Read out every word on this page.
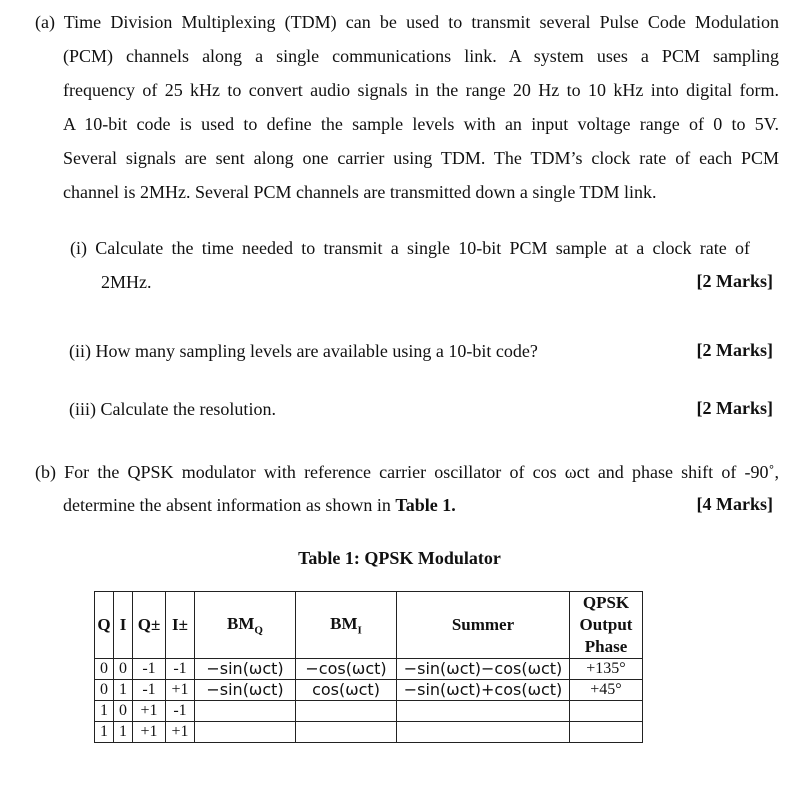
(a) Time Division Multiplexing (TDM) can be used to transmit several Pulse Code Modulation
(PCM) channels along a single communications link. A system uses a PCM sampling
frequency of 25 kHz to convert audio signals in the range 20 Hz to 10 kHz into digital form.
A 10-bit code is used to define the sample levels with an input voltage range of 0 to 5V.
Several signals are sent along one carrier using TDM. The TDM’s clock rate of each PCM
channel is 2MHz. Several PCM channels are transmitted down a single TDM link.
(i) Calculate the time needed to transmit a single 10-bit PCM sample at a clock rate of
2MHz.	[2 Marks]
(ii) How many sampling levels are available using a 10-bit code?	[2 Marks]
(iii) Calculate the resolution.	[2 Marks]
(b) For the QPSK modulator with reference carrier oscillator of cos ωct and phase shift of -90˚,
determine the absent information as shown in Table 1.	[4 Marks]
Table 1: QPSK Modulator
Q	I	Q±	I±	$BM_Q$	$BM_I$	Summer	QPSK
Output
Phase
0	0	-1	-1	−sin(ωct)	−cos(ωct)	−sin(ωct)−cos(ωct)	+135°
0	1	-1	+1	−sin(ωct)	cos(ωct)	−sin(ωct)+cos(ωct)	+45°
1	0	+1	-1				
1	1	+1	+1				
